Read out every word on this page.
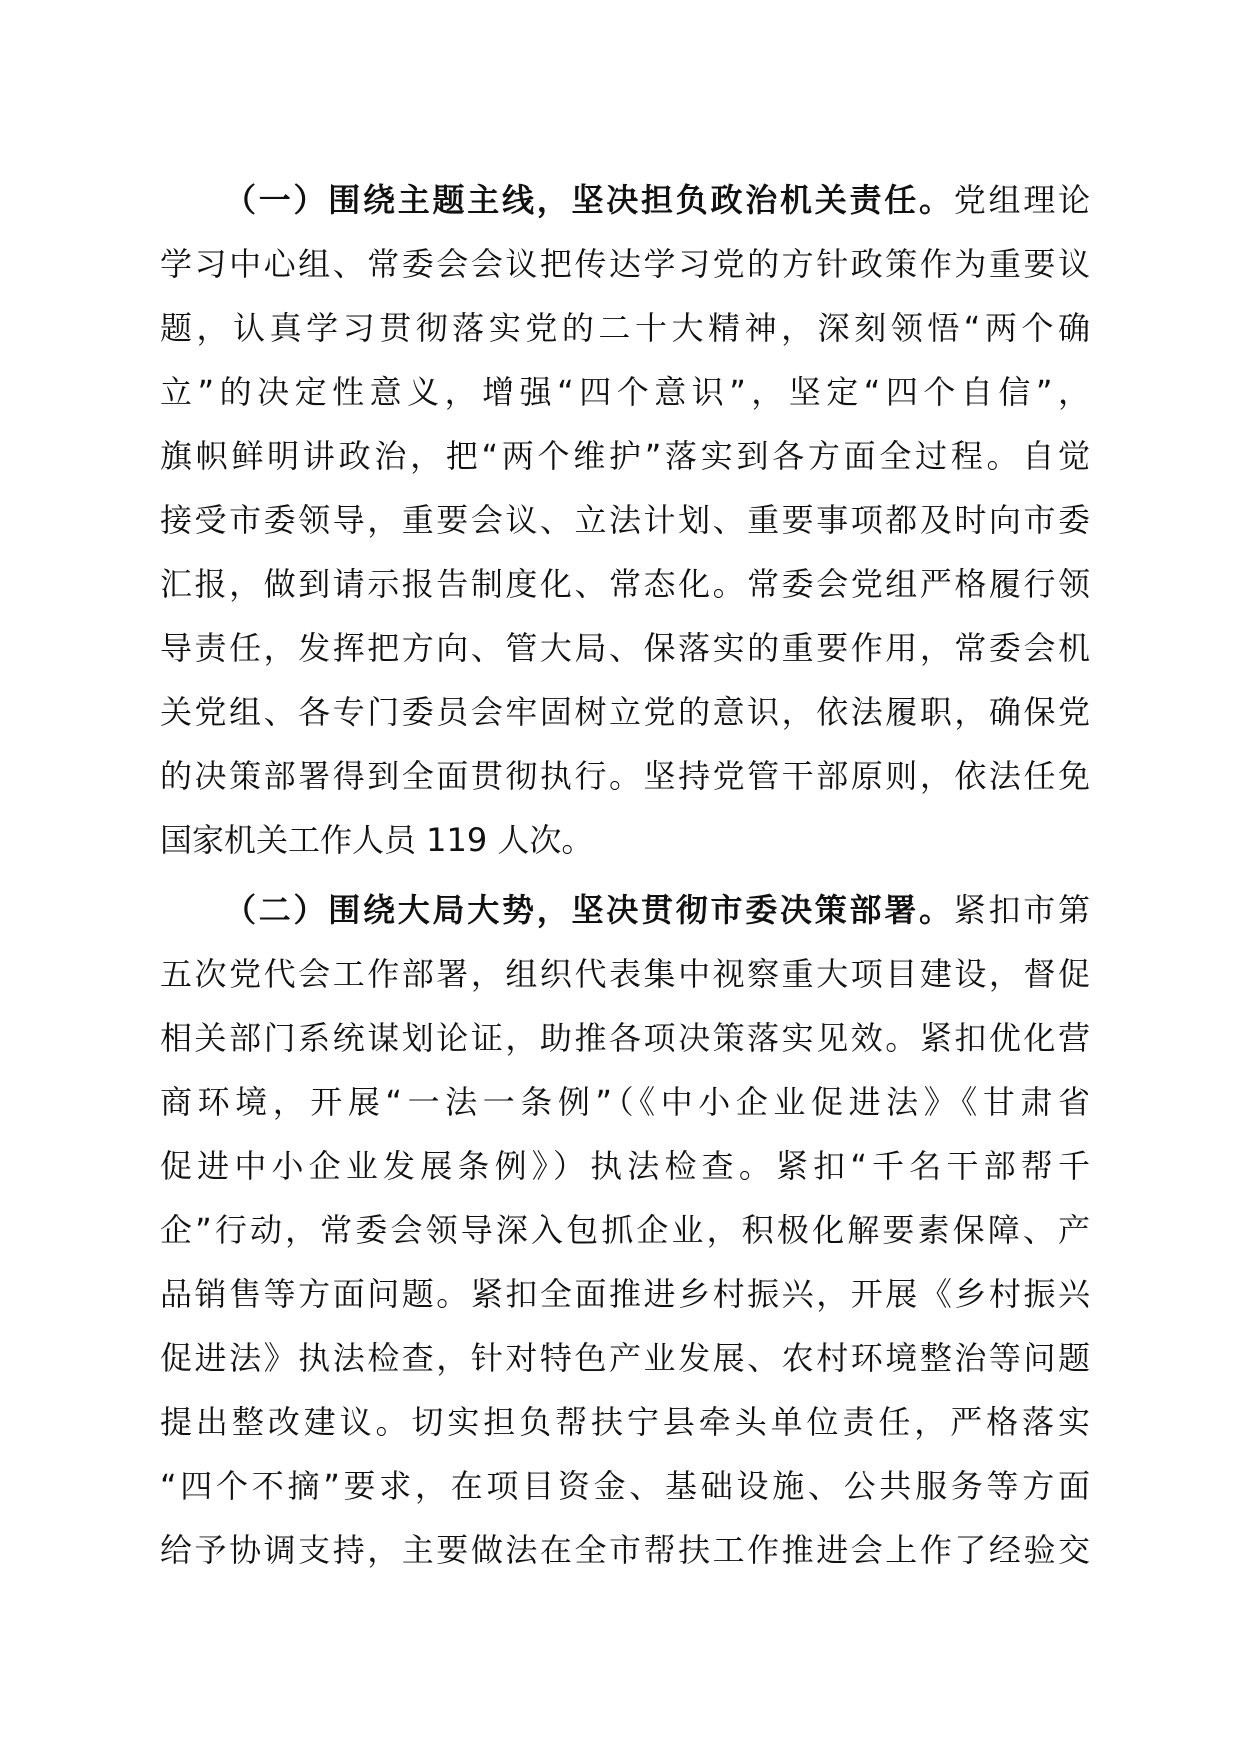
（一）围绕主题主线，坚决担负政治机关责任。党组理论
学习中心组、常委会会议把传达学习党的方针政策作为重要议
题，认真学习贯彻落实党的二十大精神，深刻领悟“两个确
立”的决定性意义，增强“四个意识”，坚定“四个自信”，
旗帜鲜明讲政治，把“两个维护”落实到各方面全过程。自觉
接受市委领导，重要会议、立法计划、重要事项都及时向市委
汇报，做到请示报告制度化、常态化。常委会党组严格履行领
导责任，发挥把方向、管大局、保落实的重要作用，常委会机
关党组、各专门委员会牢固树立党的意识，依法履职，确保党
的决策部署得到全面贯彻执行。坚持党管干部原则，依法任免
国家机关工作人员 119 人次。
（二）围绕大局大势，坚决贯彻市委决策部署。紧扣市第
五次党代会工作部署，组织代表集中视察重大项目建设，督促
相关部门系统谋划论证，助推各项决策落实见效。紧扣优化营
商环境，开展“一法一条例”（《中小企业促进法》《甘肃省
促进中小企业发展条例》）执法检查。紧扣“千名干部帮千
企”行动，常委会领导深入包抓企业，积极化解要素保障、产
品销售等方面问题。紧扣全面推进乡村振兴，开展《乡村振兴
促进法》执法检查，针对特色产业发展、农村环境整治等问题
提出整改建议。切实担负帮扶宁县牵头单位责任，严格落实
“四个不摘”要求，在项目资金、基础设施、公共服务等方面
给予协调支持，主要做法在全市帮扶工作推进会上作了经验交
